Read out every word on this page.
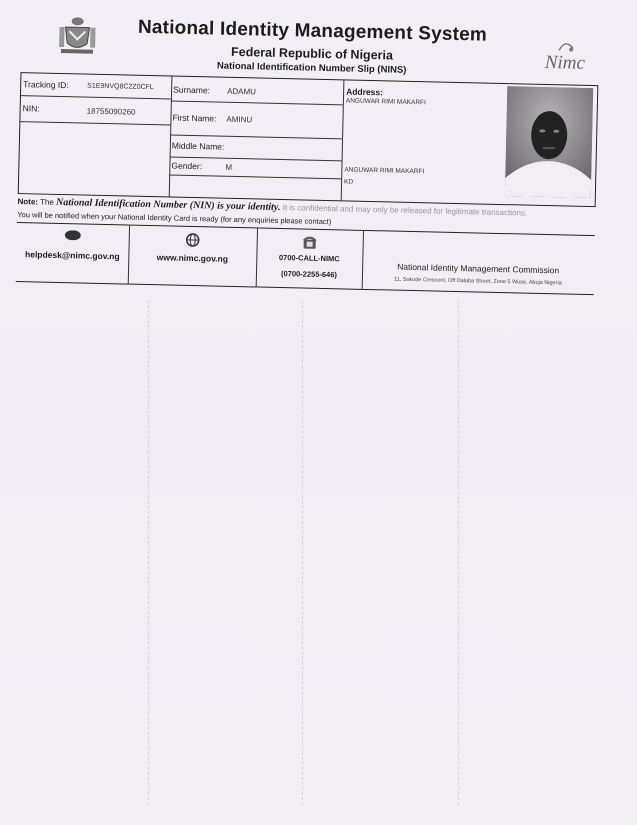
National Identity Management System
Federal Republic of Nigeria
National Identification Number Slip (NINS)	Nimc
Tracking ID:	S1E9NVQ8C2Z0CFL
NIN:	18755090260
Surname: ADAMU
First Name: AMINU
Middle Name:
Gender:	M
Address:
ANGUWAR RIMI MAKARFI
ANGUWAR RIMI MAKARFI
KD
Note: The National Identification Number (NIN) is your identity. It is confidential and may only be released for legitimate transactions.
You will be notified when your National Identity Card is ready (for any enquiries please contact)
helpdesk@nimc.gov.ng	www.nimc.gov.ng	0700-CALL-NIMC
(0700-2255-646)	National Identity Management Commission
11, Sokode Crescent, Off Dalaba Street, Zone 5 Wuse, Abuja Nigeria
